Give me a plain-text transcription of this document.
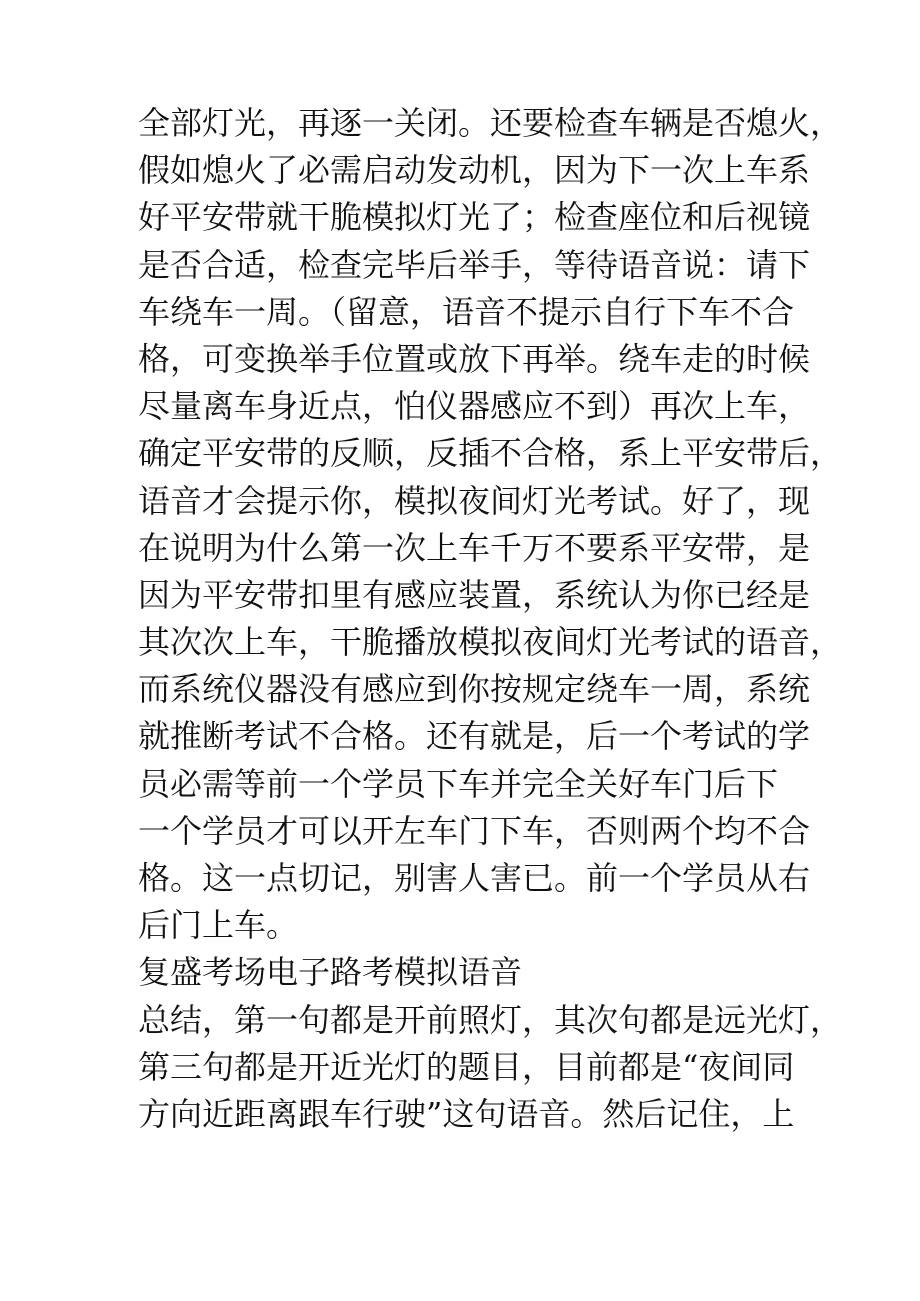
全部灯光，再逐一关闭。还要检查车辆是否熄火，
假如熄火了必需启动发动机，因为下一次上车系
好平安带就干脆模拟灯光了；检查座位和后视镜
是否合适，检查完毕后举手，等待语音说：请下
车绕车一周。（留意，语音不提示自行下车不合
格，可变换举手位置或放下再举。绕车走的时候
尽量离车身近点，怕仪器感应不到）再次上车，
确定平安带的反顺，反插不合格，系上平安带后，
语音才会提示你，模拟夜间灯光考试。好了，现
在说明为什么第一次上车千万不要系平安带，是
因为平安带扣里有感应装置，系统认为你已经是
其次次上车，干脆播放模拟夜间灯光考试的语音，
而系统仪器没有感应到你按规定绕车一周，系统
就推断考试不合格。还有就是，后一个考试的学
员必需等前一个学员下车并完全关好车门后下
一个学员才可以开左车门下车，否则两个均不合
格。这一点切记，别害人害已。前一个学员从右
后门上车。
复盛考场电子路考模拟语音
总结，第一句都是开前照灯，其次句都是远光灯，
第三句都是开近光灯的题目，目前都是“夜间同
方向近距离跟车行驶”这句语音。然后记住，上
